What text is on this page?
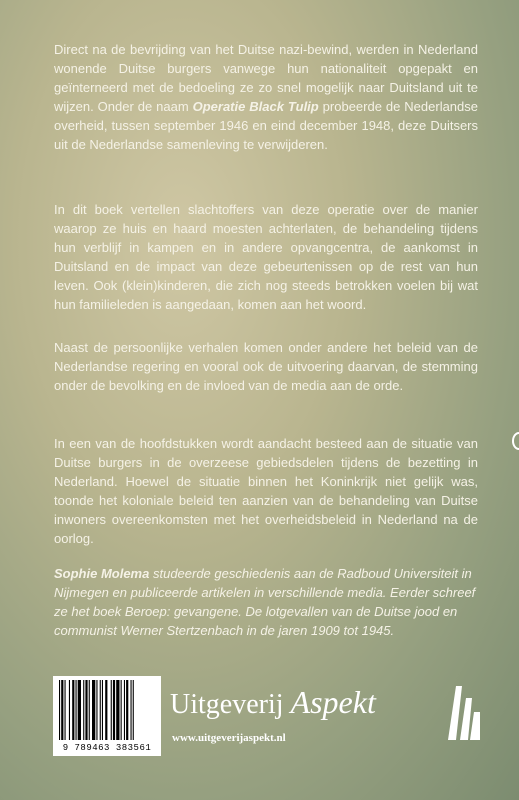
Direct na de bevrijding van het Duitse nazi-bewind, werden in Nederland wonende Duitse burgers vanwege hun nationaliteit opgepakt en geïnterneerd met de bedoeling ze zo snel mogelijk naar Duitsland uit te wijzen. Onder de naam Operatie Black Tulip probeerde de Nederlandse overheid, tussen september 1946 en eind december 1948, deze Duitsers uit de Nederlandse samenleving te verwijderen.
In dit boek vertellen slachtoffers van deze operatie over de manier waarop ze huis en haard moesten achterlaten, de behandeling tijdens hun verblijf in kampen en in andere opvangcentra, de aankomst in Duitsland en de impact van deze gebeurtenissen op de rest van hun leven. Ook (klein)kinderen, die zich nog steeds betrokken voelen bij wat hun familieleden is aangedaan, komen aan het woord.
Naast de persoonlijke verhalen komen onder andere het beleid van de Nederlandse regering en vooral ook de uitvoering daarvan, de stemming onder de bevolking en de invloed van de media aan de orde.
In een van de hoofdstukken wordt aandacht besteed aan de situatie van Duitse burgers in de overzeese gebiedsdelen tijdens de bezetting in Nederland. Hoewel de situatie binnen het Koninkrijk niet gelijk was, toonde het koloniale beleid ten aanzien van de behandeling van Duitse inwoners overeenkomsten met het overheidsbeleid in Nederland na de oorlog.
Sophie Molema studeerde geschiedenis aan de Radboud Universiteit in Nijmegen en publiceerde artikelen in verschillende media. Eerder schreef ze het boek Beroep: gevangene. De lotgevallen van de Duitse jood en communist Werner Stertzenbach in de jaren 1909 tot 1945.
9 789463 383561
Uitgeverij Aspekt
www.uitgeverijaspekt.nl
